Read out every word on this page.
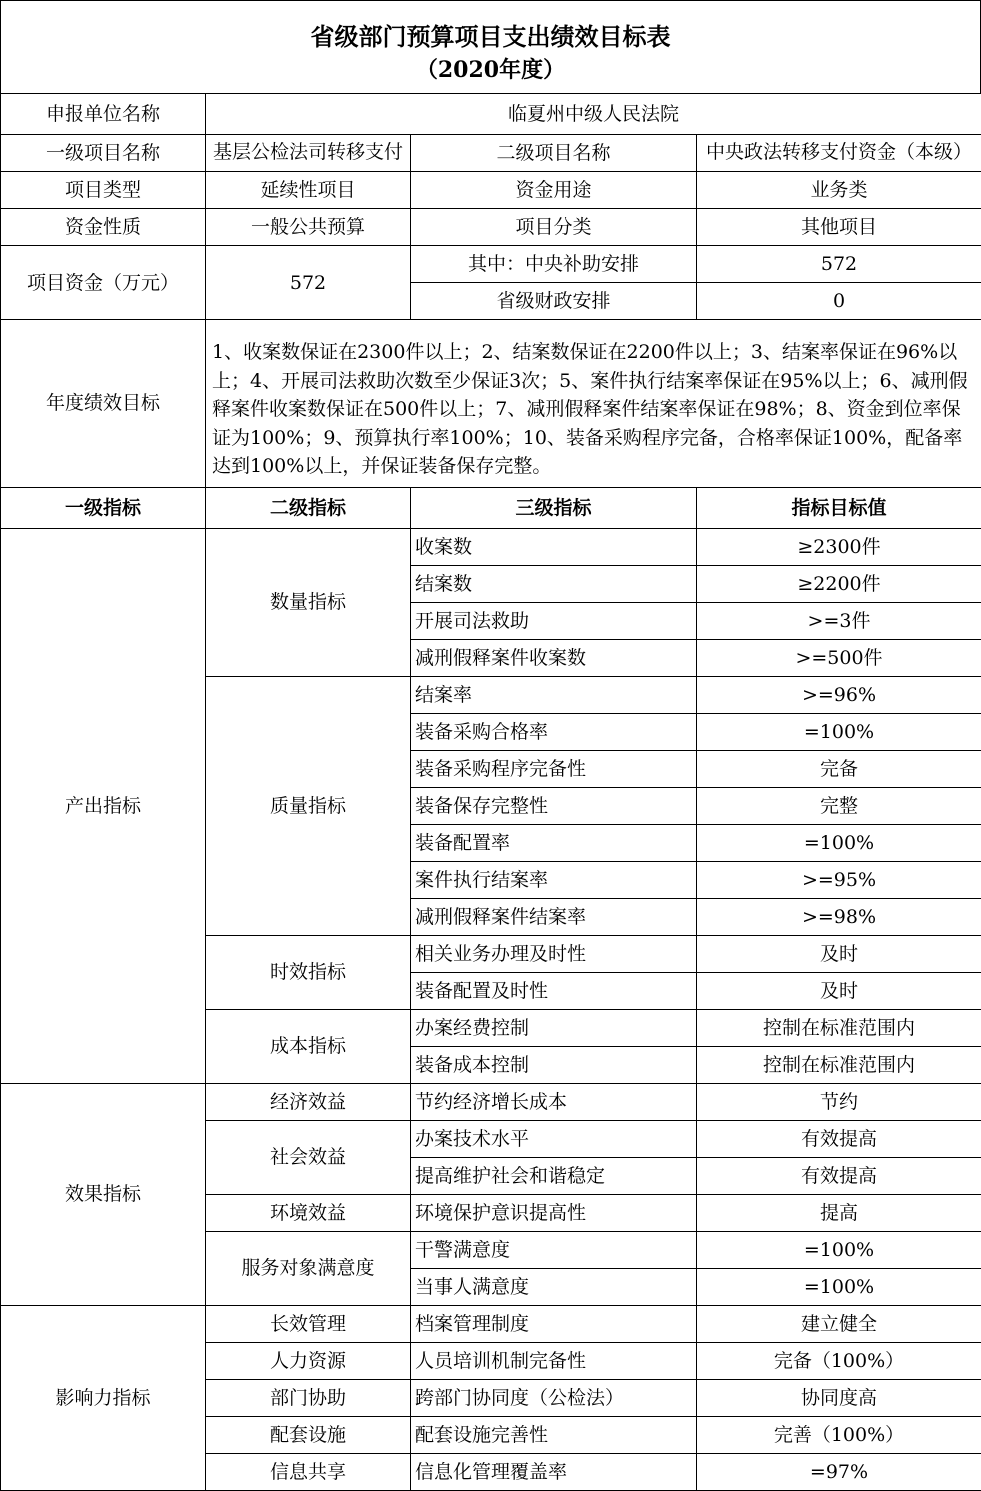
省级部门预算项目支出绩效目标表
（2020年度）
申报单位名称	临夏州中级人民法院		
一级项目名称	基层公检法司转移支付	二级项目名称	中央政法转移支付资金（本级）

项目类型	延续性项目	资金用途	业务类
资金性质	一般公共预算	项目分类	其他项目
项目资金（万元）	572	其中：中央补助安排	572
		省级财政安排	0
年度绩效目标	1、收案数保证在2300件以上；2、结案数保证在2200件以上；3、结案率保证在96%以上；4、开展司法救助次数至少保证3次；5、案件执行结案率保证在95%以上；6、减刑假释案件收案数保证在500件以上；7、减刑假释案件结案率保证在98%；8、资金到位率保证为100%；9、预算执行率100%；10、装备采购程序完备，合格率保证100%，配备率达到100%以上，并保证装备保存完整。		
一级指标	二级指标	三级指标	指标目标值
产出指标	数量指标	收案数	≥2300件
		结案数	≥2200件
		开展司法救助	>=3件
		减刑假释案件收案数	>=500件
	质量指标	结案率	>=96%
		装备采购合格率	=100%
		装备采购程序完备性	完备
		装备保存完整性	完整
		装备配置率	=100%
		案件执行结案率	>=95%
		减刑假释案件结案率	>=98%
	时效指标	相关业务办理及时性	及时
		装备配置及时性	及时
	成本指标	办案经费控制	控制在标准范围内
		装备成本控制	控制在标准范围内
效果指标	经济效益	节约经济增长成本	节约
	社会效益	办案技术水平	有效提高
		提高维护社会和谐稳定	有效提高
	环境效益	环境保护意识提高性	提高
	服务对象满意度	干警满意度	=100%
		当事人满意度	=100%
影响力指标	长效管理	档案管理制度	建立健全
	人力资源	人员培训机制完备性	完备（100%）
	部门协助	跨部门协同度（公检法）	协同度高
	配套设施	配套设施完善性	完善（100%）
	信息共享	信息化管理覆盖率	=97%
